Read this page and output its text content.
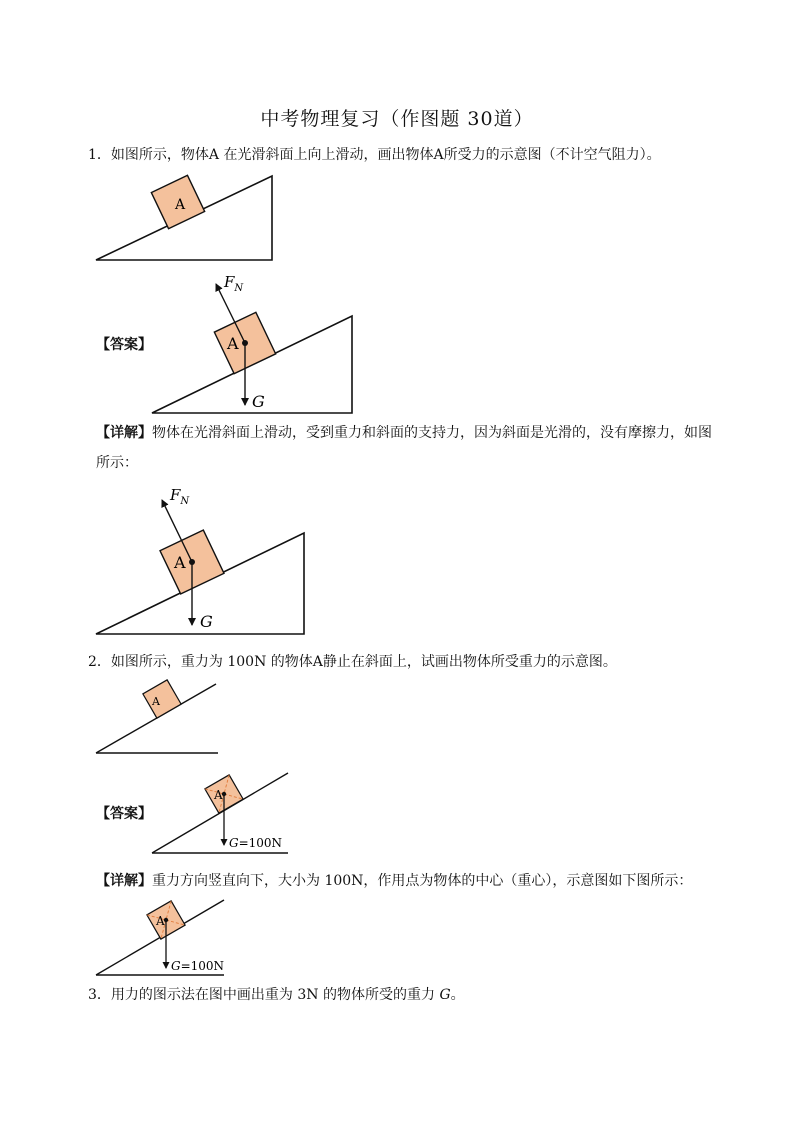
中考物理复习（作图题 30道）
1．如图所示，物体A 在光滑斜面上向上滑动，画出物体A所受力的示意图（不计空气阻力）。
A
【答案】	A
$F_N$
G
【详解】物体在光滑斜面上滑动，受到重力和斜面的支持力，因为斜面是光滑的，没有摩擦力，如图所示：
A
$F_N$
G
2．如图所示，重力为 100N 的物体A静止在斜面上，试画出物体所受重力的示意图。
A
【答案】
A
G=100N
【详解】重力方向竖直向下，大小为 100N，作用点为物体的中心（重心），示意图如下图所示：
A
G=100N
3．用力的图示法在图中画出重为 3N 的物体所受的重力 G。
